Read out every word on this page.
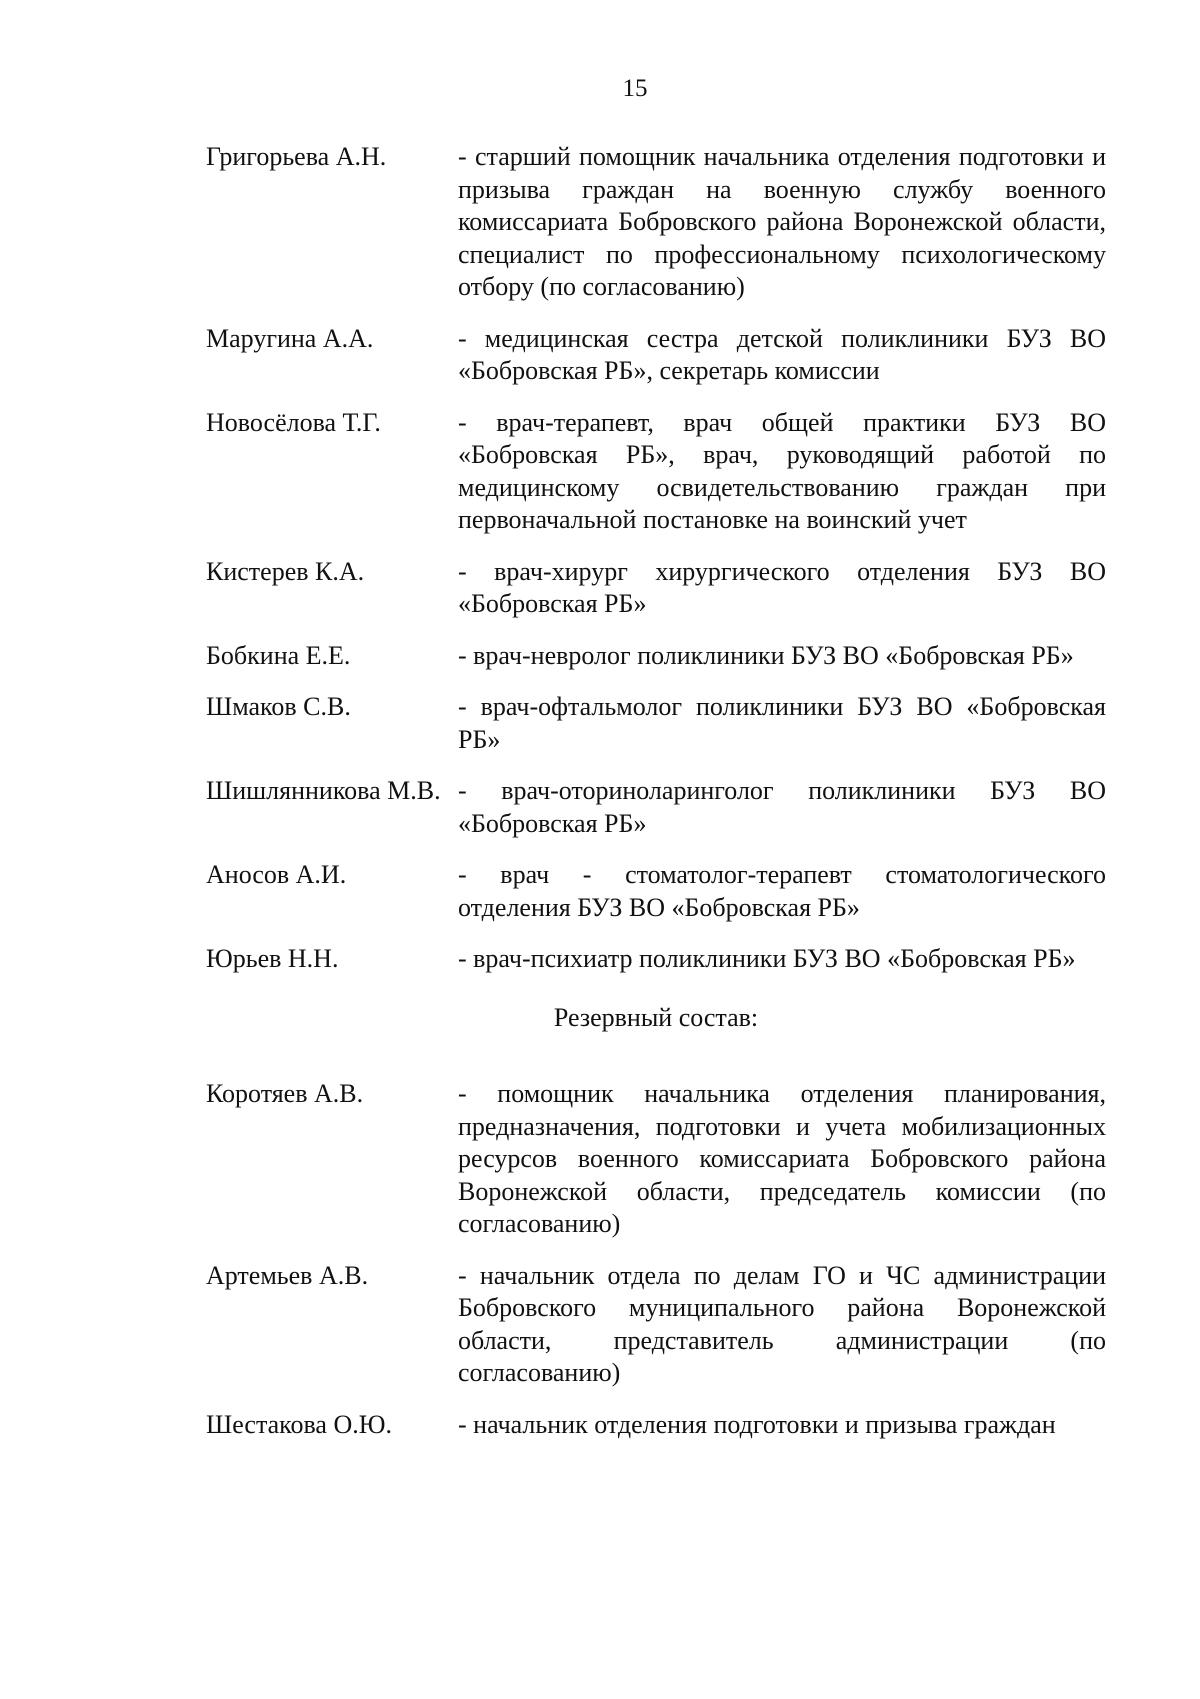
15
Григорьева А.Н.	- старший помощник начальника отделения подготовки и призыва граждан на военную службу военного комиссариата Бобровского района Воронежской области, специалист по профессиональному психологическому отбору (по согласованию)
Маругина А.А.	- медицинская сестра детской поликлиники БУЗ ВО «Бобровская РБ», секретарь комиссии
Новосёлова Т.Г.	- врач-терапевт, врач общей практики БУЗ ВО «Бобровская РБ», врач, руководящий работой по медицинскому освидетельствованию граждан при первоначальной постановке на воинский учет
Кистерев К.А.	- врач-хирург хирургического отделения БУЗ ВО «Бобровская РБ»
Бобкина Е.Е.	- врач-невролог поликлиники БУЗ ВО «Бобровская РБ»
Шмаков С.В.	- врач-офтальмолог поликлиники БУЗ ВО «Бобровская РБ»
Шишлянникова М.В. - врач-оториноларинголог поликлиники БУЗ ВО «Бобровская РБ»
Аносов А.И.	- врач - стоматолог-терапевт стоматологического отделения БУЗ ВО «Бобровская РБ»
Юрьев Н.Н.	- врач-психиатр поликлиники БУЗ ВО «Бобровская РБ»
Резервный состав:
Коротяев А.В.	- помощник начальника отделения планирования, предназначения, подготовки и учета мобилизационных ресурсов военного комиссариата Бобровского района Воронежской области, председатель комиссии (по согласованию)
Артемьев А.В.	- начальник отдела по делам ГО и ЧС администрации Бобровского муниципального района Воронежской области, представитель администрации (по согласованию)
Шестакова О.Ю.	- начальник отделения подготовки и призыва граждан
